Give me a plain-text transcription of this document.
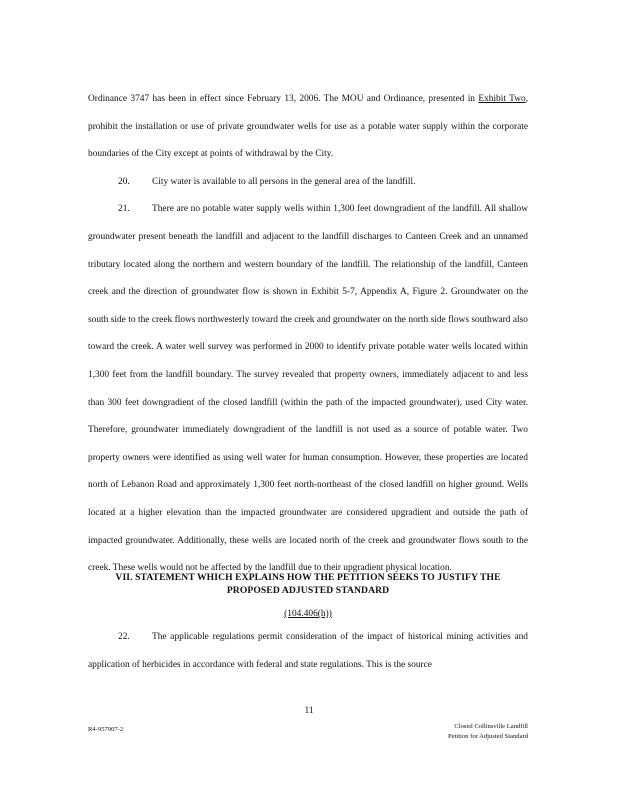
Ordinance 3747 has been in effect since February 13, 2006. The MOU and Ordinance, presented in Exhibit Two, prohibit the installation or use of private groundwater wells for use as a potable water supply within the corporate boundaries of the City except at points of withdrawal by the City.

20. City water is available to all persons in the general area of the landfill.

21. There are no potable water supply wells within 1,300 feet downgradient of the landfill. All shallow groundwater present beneath the landfill and adjacent to the landfill discharges to Canteen Creek and an unnamed tributary located along the northern and western boundary of the landfill. The relationship of the landfill, Canteen creek and the direction of groundwater flow is shown in Exhibit 5-7, Appendix A, Figure 2. Groundwater on the south side to the creek flows northwesterly toward the creek and groundwater on the north side flows southward also toward the creek. A water well survey was performed in 2000 to identify private potable water wells located within 1,300 feet from the landfill boundary. The survey revealed that property owners, immediately adjacent to and less than 300 feet downgradient of the closed landfill (within the path of the impacted groundwater), used City water. Therefore, groundwater immediately downgradient of the landfill is not used as a source of potable water. Two property owners were identified as using well water for human consumption. However, these properties are located north of Lebanon Road and approximately 1,300 feet north-northeast of the closed landfill on higher ground. Wells located at a higher elevation than the impacted groundwater are considered upgradient and outside the path of impacted groundwater. Additionally, these wells are located north of the creek and groundwater flows south to the creek. These wells would not be affected by the landfill due to their upgradient physical location.

VII. STATEMENT WHICH EXPLAINS HOW THE PETITION SEEKS TO JUSTIFY THE
PROPOSED ADJUSTED STANDARD
(104.406(h))

22. The applicable regulations permit consideration of the impact of historical mining activities and application of herbicides in accordance with federal and state regulations. This is the source

11
R4-957907-2	Closed Collinsville Landfill
Petition for Adjusted Standard
